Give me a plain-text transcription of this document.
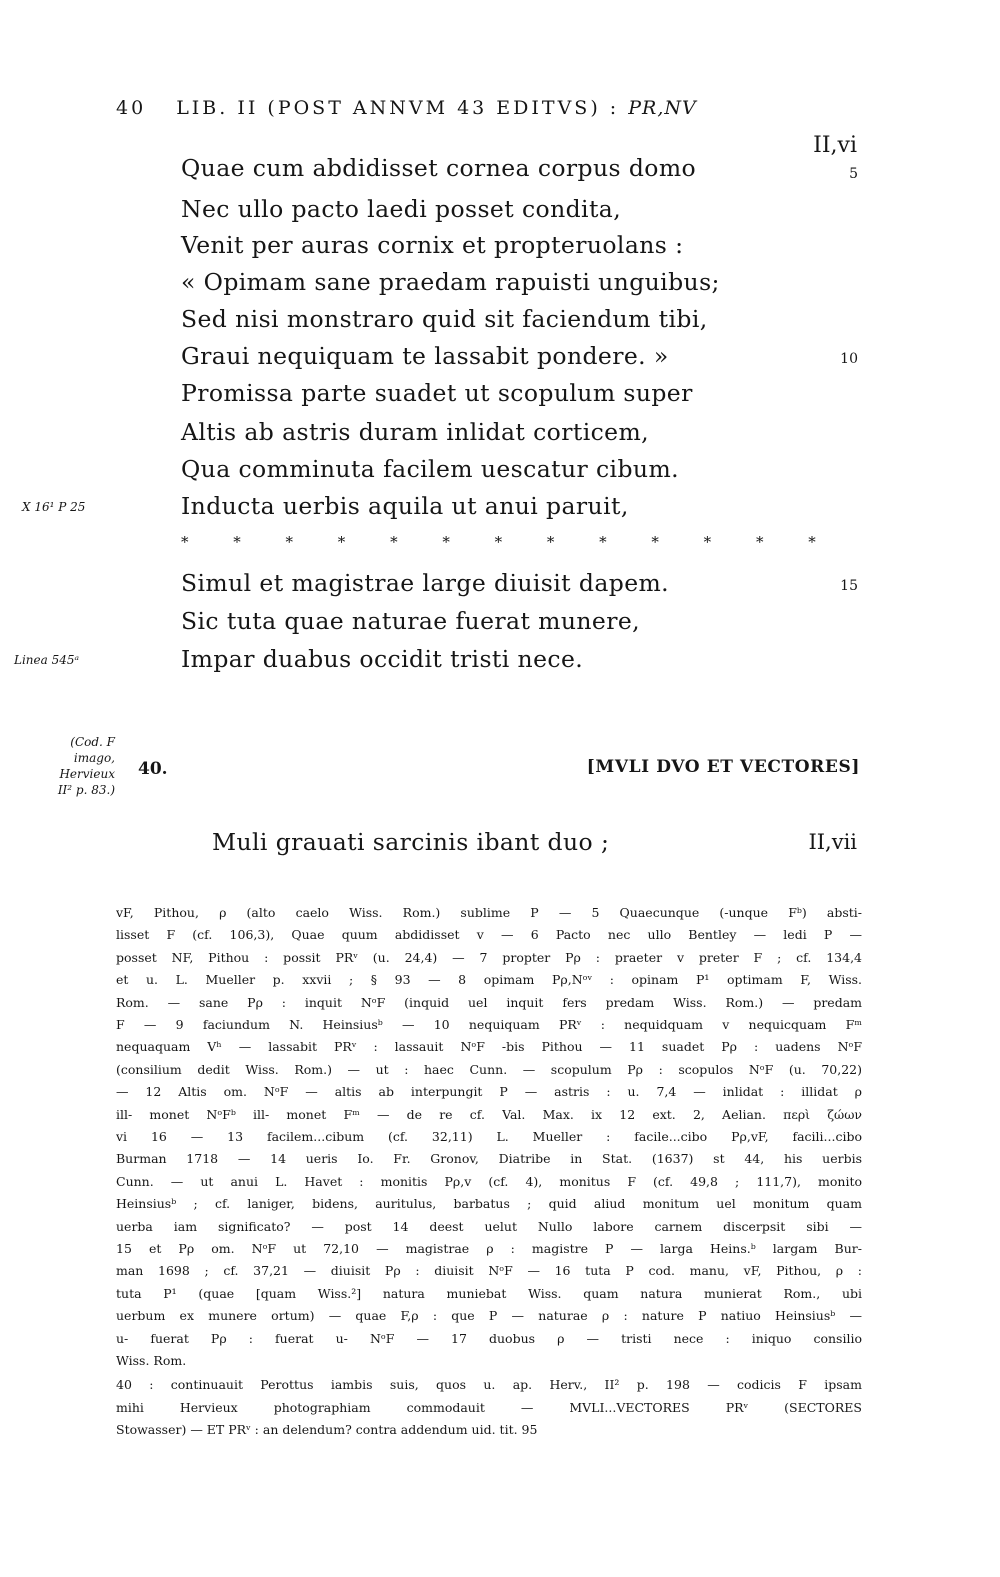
40 LIB. II (POST ANNVM 43 EDITVS) : PR,NV
II,vi
Quae cum abdidisset cornea corpus domo
Nec ullo pacto laedi posset condita,
Venit per auras cornix et propteruolans :
« Opimam sane praedam rapuisti unguibus;
Sed nisi monstraro quid sit faciendum tibi,
Graui nequiquam te lassabit pondere. »
Promissa parte suadet ut scopulum super
Altis ab astris duram inlidat corticem,
Qua comminuta facilem uescatur cibum.
Inducta uerbis aquila ut anui paruit,
* * * * * * * * * * * * *
Simul et magistrae large diuisit dapem.
Sic tuta quae naturae fuerat munere,
Impar duabus occidit tristi nece.
5
10
15
X 16¹ P 25
Linea 545ᵃ
(Cod. F
imago,
Hervieux
II² p. 83.)
40.	[MVLI DVO ET VECTORES]
Muli grauati sarcinis ibant duo ;	II,vii
vF, Pithou, ρ (alto caelo Wiss. Rom.) sublime P — 5 Quaecunque (-unque Fᵇ) absti-
lisset F (cf. 106,3), Quae quum abdidisset v — 6 Pacto nec ullo Bentley — ledi P —
posset NF, Pithou : possit PRᵛ (u. 24,4) — 7 propter Pρ : praeter v preter F ; cf. 134,4
et u. L. Mueller p. xxvii ; § 93 — 8 opimam Pρ,Nᵒᵛ : opinam P¹ optimam F, Wiss.
Rom. — sane Pρ : inquit NᵒF (inquid uel inquit fers predam Wiss. Rom.) — predam
F — 9 faciundum N. Heinsiusᵇ — 10 nequiquam PRᵛ : nequidquam v nequicquam Fᵐ
nequaquam Vʰ — lassabit PRᵛ : lassauit NᵒF -bis Pithou — 11 suadet Pρ : uadens NᵒF
(consilium dedit Wiss. Rom.) — ut : haec Cunn. — scopulum Pρ : scopulos NᵒF (u. 70,22)
— 12 Altis om. NᵒF — altis ab interpungit P — astris : u. 7,4 — inlidat : illidat ρ
ill- monet NᵒFᵇ ill- monet Fᵐ — de re cf. Val. Max. ix 12 ext. 2, Aelian. περὶ ζώων
vi 16 — 13 facilem...cibum (cf. 32,11) L. Mueller : facile...cibo Pρ,vF, facili...cibo
Burman 1718 — 14 ueris Io. Fr. Gronov, Diatribe in Stat. (1637) st 44, his uerbis
Cunn. — ut anui L. Havet : monitis Pρ,v (cf. 4), monitus F (cf. 49,8 ; 111,7), monito
Heinsiusᵇ ; cf. laniger, bidens, auritulus, barbatus ; quid aliud monitum uel monitum quam
uerba iam significato? — post 14 deest uelut Nullo labore carnem discerpsit sibi —
15 et Pρ om. NᵒF ut 72,10 — magistrae ρ : magistre P — larga Heins.ᵇ largam Bur-
man 1698 ; cf. 37,21 — diuisit Pρ : diuisit NᵒF — 16 tuta P cod. manu, vF, Pithou, ρ :
tuta P¹ (quae [quam Wiss.²] natura muniebat Wiss. quam natura munierat Rom., ubi
uerbum ex munere ortum) — quae F,ρ : que P — naturae ρ : nature P natiuo Heinsiusᵇ —
u- fuerat Pρ : fuerat u- NᵒF — 17 duobus ρ — tristi nece : iniquo consilio
Wiss. Rom.
40 : continuauit Perottus iambis suis, quos u. ap. Herv., II² p. 198 — codicis F ipsam
mihi Hervieux photographiam commodauit — MVLI...VECTORES PRᵛ (SECTORES
Stowasser) — ET PRᵛ : an delendum? contra addendum uid. tit. 95
